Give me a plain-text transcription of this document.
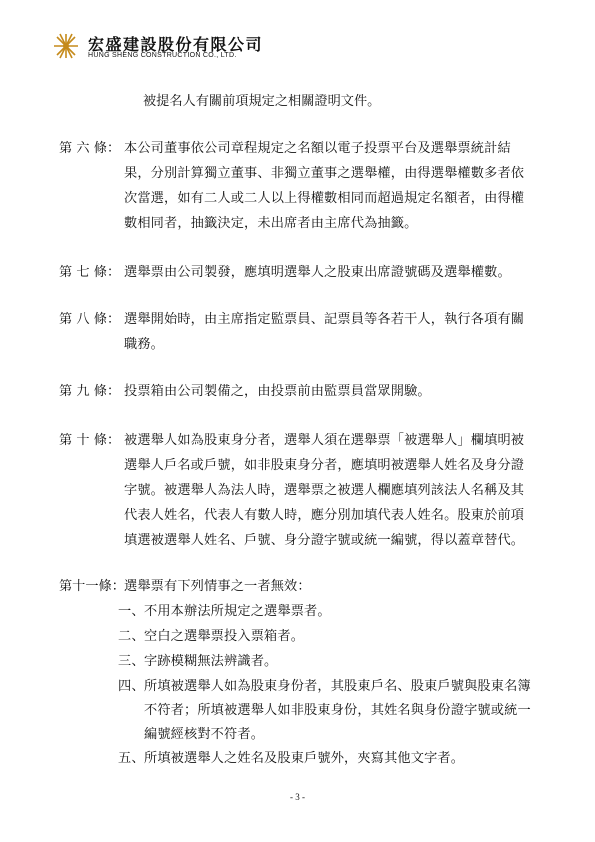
宏盛建設股份有限公司
HUNG SHENG CONSTRUCTION CO., LTD.
被提名人有關前項規定之相關證明文件。
第 六 條： 本公司董事依公司章程規定之名額以電子投票平台及選舉票統計結
果，分別計算獨立董事、非獨立董事之選舉權，由得選舉權數多者依
次當選，如有二人或二人以上得權數相同而超過規定名額者，由得權
數相同者，抽籤決定，未出席者由主席代為抽籤。
第 七 條： 選舉票由公司製發，應填明選舉人之股東出席證號碼及選舉權數。
第 八 條： 選舉開始時，由主席指定監票員、記票員等各若干人，執行各項有關
職務。
第 九 條： 投票箱由公司製備之，由投票前由監票員當眾開驗。
第 十 條： 被選舉人如為股東身分者，選舉人須在選舉票「被選舉人」欄填明被
選舉人戶名或戶號，如非股東身分者，應填明被選舉人姓名及身分證
字號。被選舉人為法人時，選舉票之被選人欄應填列該法人名稱及其
代表人姓名，代表人有數人時，應分別加填代表人姓名。股東於前項
填選被選舉人姓名、戶號、身分證字號或統一編號，得以蓋章替代。
第十一條： 選舉票有下列情事之一者無效：
一、 不用本辦法所規定之選舉票者。
二、 空白之選舉票投入票箱者。
三、 字跡模糊無法辨識者。
四、 所填被選舉人如為股東身份者，其股東戶名、股東戶號與股東名簿
不符者；所填被選舉人如非股東身份，其姓名與身份證字號或統一
編號經核對不符者。
五、 所填被選舉人之姓名及股東戶號外，夾寫其他文字者。
- 3 -
